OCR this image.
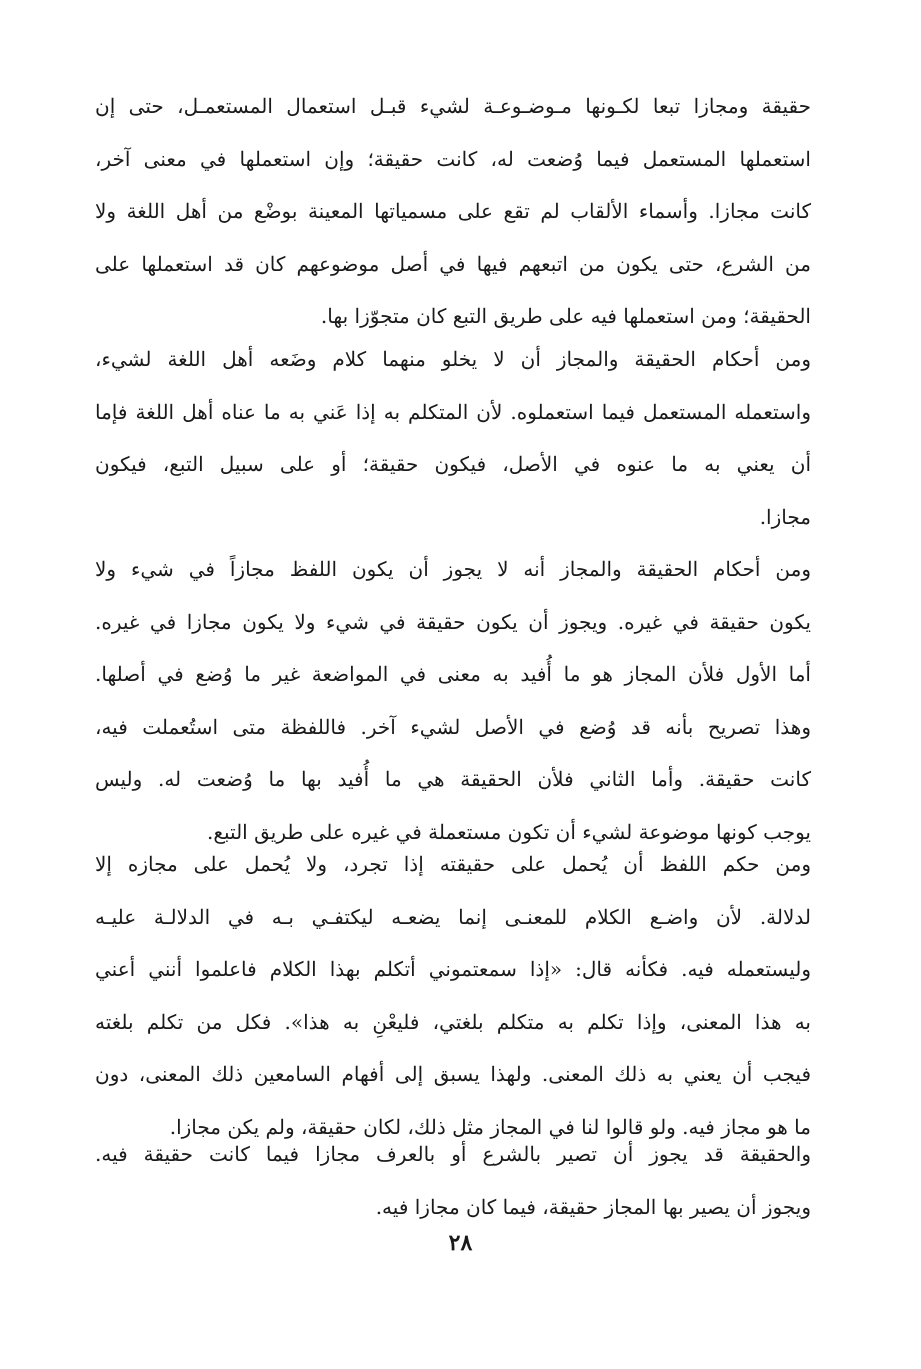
حقيقة ومجازا تبعا لكـونها مـوضـوعـة لشيء قبـل استعمال المستعمـل، حتى إن
استعملها المستعمل فيما وُضعت له، كانت حقيقة؛ وإن استعملها في معنى آخر،
كانت مجازا. وأسماء الألقاب لم تقع على مسمياتها المعينة بوضْع من أهل اللغة ولا
من الشرع، حتى يكون من اتبعهم فيها في أصل موضوعهم كان قد استعملها على
الحقيقة؛ ومن استعملها فيه على طريق التبع كان متجوّزا بها.
ومن أحكام الحقيقة والمجاز أن لا يخلو منهما كلام وضَعه أهل اللغة لشيء،
واستعمله المستعمل فيما استعملوه. لأن المتكلم به إذا عَني به ما عناه أهل اللغة فإما
أن يعني به ما عنوه في الأصل، فيكون حقيقة؛ أو على سبيل التبع، فيكون
مجازا.
ومن أحكام الحقيقة والمجاز أنه لا يجوز أن يكون اللفظ مجازاً في شيء ولا
يكون حقيقة في غيره. ويجوز أن يكون حقيقة في شيء ولا يكون مجازا في غيره.
أما الأول فلأن المجاز هو ما أُفيد به معنى في المواضعة غير ما وُضع في أصلها.
وهذا تصريح بأنه قد وُضع في الأصل لشيء آخر. فاللفظة متى استُعملت فيه،
كانت حقيقة. وأما الثاني فلأن الحقيقة هي ما أُفيد بها ما وُضعت له. وليس
يوجب كونها موضوعة لشيء أن تكون مستعملة في غيره على طريق التبع.
ومن حكم اللفظ أن يُحمل على حقيقته إذا تجرد، ولا يُحمل على مجازه إلا
لدلالة. لأن واضـع الكلام للمعنـى إنما يضعـه ليكتفـي بـه في الدلالـة عليـه
وليستعمله فيه. فكأنه قال: «إذا سمعتموني أتكلم بهذا الكلام فاعلموا أنني أعني
به هذا المعنى، وإذا تكلم به متكلم بلغتي، فليعْنِ به هذا». فكل من تكلم بلغته
فيجب أن يعني به ذلك المعنى. ولهذا يسبق إلى أفهام السامعين ذلك المعنى، دون
ما هو مجاز فيه. ولو قالوا لنا في المجاز مثل ذلك، لكان حقيقة، ولم يكن مجازا.
والحقيقة قد يجوز أن تصير بالشرع أو بالعرف مجازا فيما كانت حقيقة فيه.
ويجوز أن يصير بها المجاز حقيقة، فيما كان مجازا فيه.
٢٨
